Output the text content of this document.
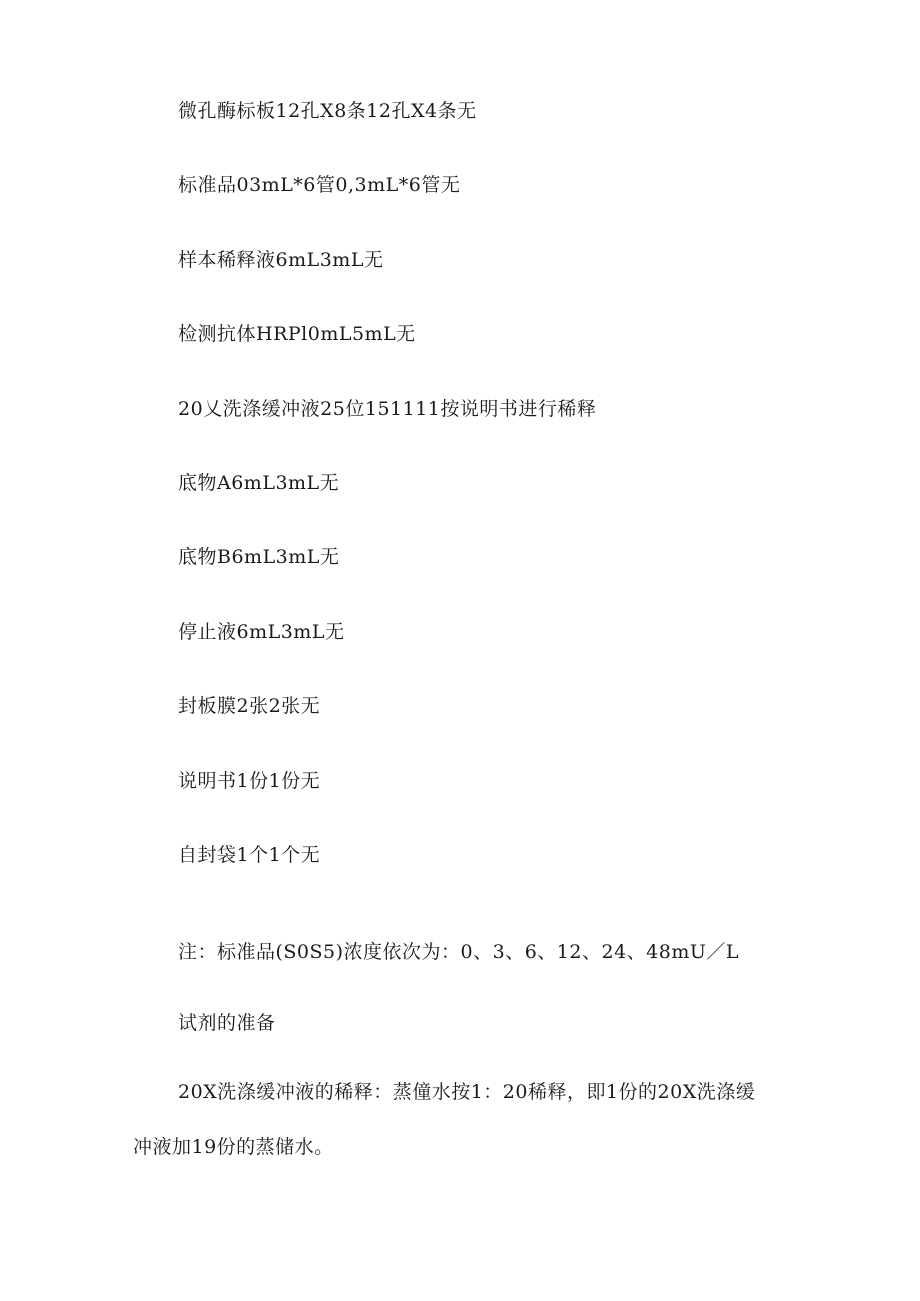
微孔酶标板12孔X8条12孔X4条无
标准品03mL*6管0,3mL*6管无
样本稀释液6mL3mL无
检测抗体HRPl0mL5mL无
20乂洗涤缓冲液25位151111按说明书进行稀释
底物A6mL3mL无
底物B6mL3mL无
停止液6mL3mL无
封板膜2张2张无
说明书1份1份无
自封袋1个1个无
注：标准品(S0S5)浓度依次为：0、3、6、12、24、48mU／L
试剂的准备
20X洗涤缓冲液的稀释：蒸僮水按1：20稀释，即1份的20X洗涤缓
冲液加19份的蒸储水。
